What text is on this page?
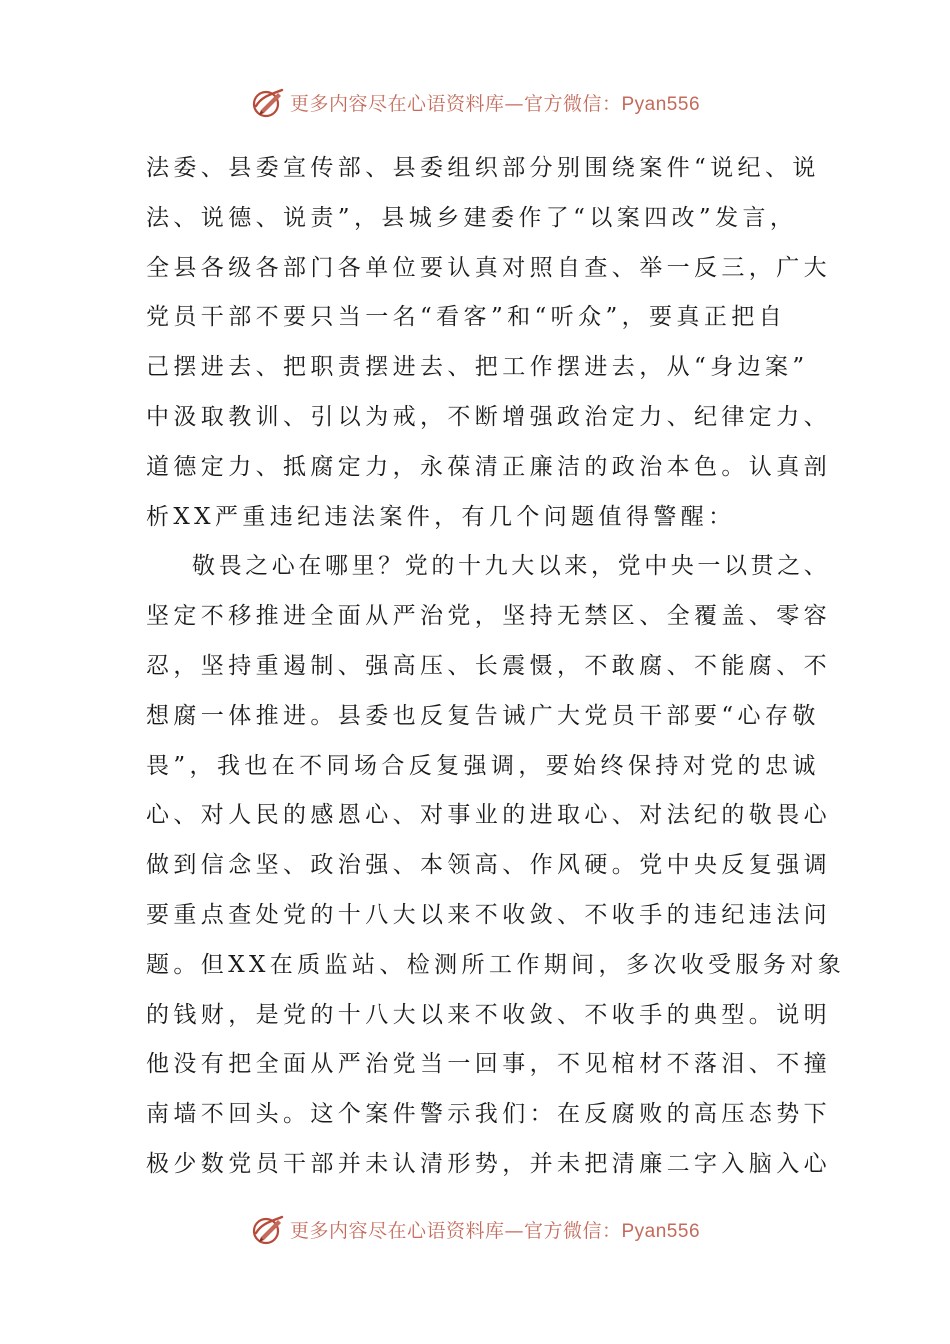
更多内容尽在心语资料库—官方微信：Pyan556
法委、县委宣传部、县委组织部分别围绕案件“说纪、说
法、说德、说责”，县城乡建委作了“以案四改”发言，
全县各级各部门各单位要认真对照自查、举一反三，广大
党员干部不要只当一名“看客”和“听众”，要真正把自
己摆进去、把职责摆进去、把工作摆进去，从“身边案”
中汲取教训、引以为戒，不断增强政治定力、纪律定力、
道德定力、抵腐定力，永葆清正廉洁的政治本色。认真剖
析XX严重违纪违法案件，有几个问题值得警醒：
敬畏之心在哪里？党的十九大以来，党中央一以贯之、
坚定不移推进全面从严治党，坚持无禁区、全覆盖、零容
忍，坚持重遏制、强高压、长震慑，不敢腐、不能腐、不
想腐一体推进。县委也反复告诫广大党员干部要“心存敬
畏”，我也在不同场合反复强调，要始终保持对党的忠诚
心、对人民的感恩心、对事业的进取心、对法纪的敬畏心
做到信念坚、政治强、本领高、作风硬。党中央反复强调
要重点查处党的十八大以来不收敛、不收手的违纪违法问
题。但XX在质监站、检测所工作期间，多次收受服务对象
的钱财，是党的十八大以来不收敛、不收手的典型。说明
他没有把全面从严治党当一回事，不见棺材不落泪、不撞
南墙不回头。这个案件警示我们：在反腐败的高压态势下
极少数党员干部并未认清形势，并未把清廉二字入脑入心
更多内容尽在心语资料库—官方微信：Pyan556
